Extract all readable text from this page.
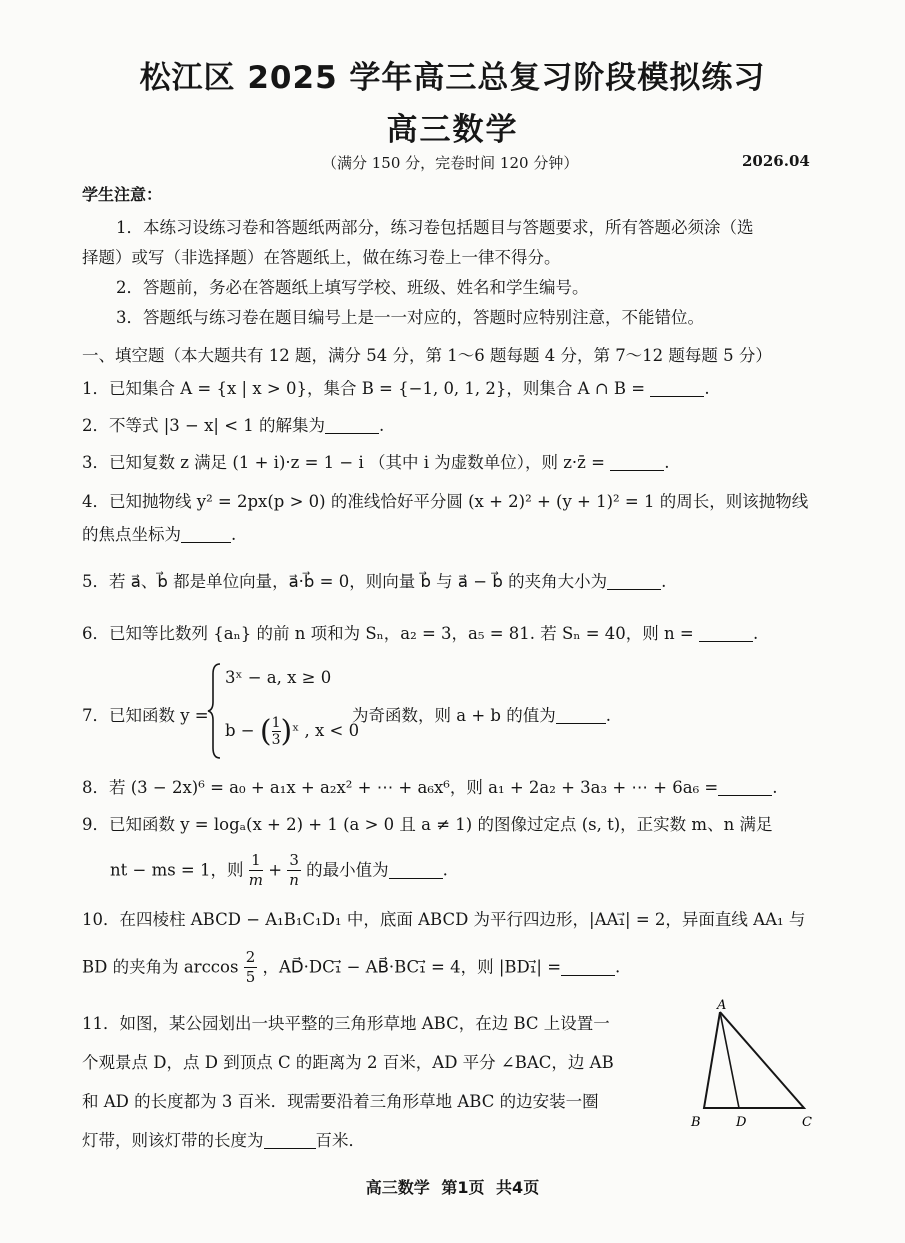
松江区 2025 学年高三总复习阶段模拟练习
高三数学
（满分 150 分，完卷时间 120 分钟）	2026.04
学生注意：
1．本练习设练习卷和答题纸两部分，练习卷包括题目与答题要求，所有答题必须涂（选
择题）或写（非选择题）在答题纸上，做在练习卷上一律不得分。
2．答题前，务必在答题纸上填写学校、班级、姓名和学生编号。
3．答题纸与练习卷在题目编号上是一一对应的，答题时应特别注意，不能错位。
一、填空题（本大题共有 12 题，满分 54 分，第 1～6 题每题 4 分，第 7～12 题每题 5 分）
1．已知集合 A = {x | x > 0}，集合 B = {−1, 0, 1, 2}，则集合 A ∩ B =	.
2．不等式 |3 − x| < 1 的解集为	.
3．已知复数 z 满足 (1 + i)·z = 1 − i （其中 i 为虚数单位），则 z·z̄ =	.
4．已知抛物线 y² = 2px(p > 0) 的准线恰好平分圆 (x + 2)² + (y + 1)² = 1 的周长，则该抛物线
的焦点坐标为	.
5．若 a⃗、b⃗ 都是单位向量，a⃗·b⃗ = 0，则向量 b⃗ 与 a⃗ − b⃗ 的夹角大小为	.
6．已知等比数列 {aₙ} 的前 n 项和为 Sₙ，a₂ = 3，a₅ = 81. 若 Sₙ = 40，则 n =	.
7．已知函数 y =
3ˣ − a, x ≥ 0
b − ( $\frac{1}{3}$ )ˣ , x < 0
为奇函数，则 a + b 的值为	.
8．若 (3 − 2x)⁶ = a₀ + a₁x + a₂x² + ⋯ + a₆x⁶，则 a₁ + 2a₂ + 3a₃ + ⋯ + 6a₆ =	.
9．已知函数 y = logₐ(x + 2) + 1 (a > 0 且 a ≠ 1) 的图像过定点 (s, t)，正实数 m、n 满足
nt − ms = 1，则 $\frac{1}{m} + \frac{3}{n}$ 的最小值为	.
10．在四棱柱 ABCD − A₁B₁C₁D₁ 中，底面 ABCD 为平行四边形，|AA₁⃗| = 2，异面直线 AA₁ 与
BD 的夹角为 $\arccos \frac{2}{5}$ ，AD⃗·DC₁⃗ − AB⃗·BC₁⃗ = 4，则 |BD₁⃗| =	.
11．如图，某公园划出一块平整的三角形草地 ABC，在边 BC 上设置一
个观景点 D，点 D 到顶点 C 的距离为 2 百米，AD 平分 ∠BAC，边 AB
和 AD 的长度都为 3 百米．现需要沿着三角形草地 ABC 的边安装一圈
灯带，则该灯带的长度为	百米．
A
B	D	C
高三数学 第1页 共4页
